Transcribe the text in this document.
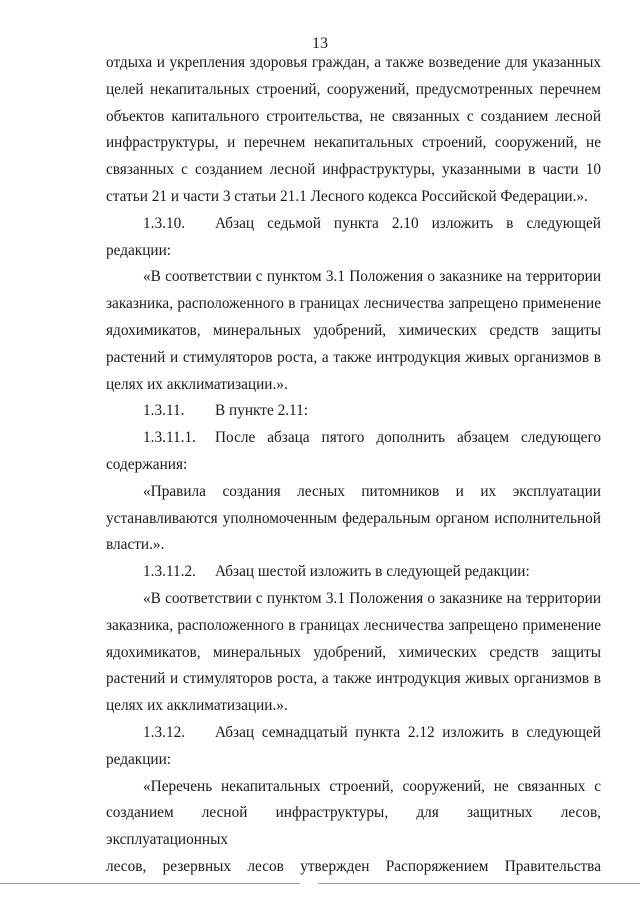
13
отдыха и укрепления здоровья граждан, а также возведение для указанных
целей некапитальных строений, сооружений, предусмотренных перечнем
объектов капитального строительства, не связанных с созданием лесной
инфраструктуры, и перечнем некапитальных строений, сооружений, не
связанных с созданием лесной инфраструктуры, указанными в части 10
статьи 21 и части 3 статьи 21.1 Лесного кодекса Российской Федерации.».
1.3.10. Абзац седьмой пункта 2.10 изложить в следующей
редакции:
«В соответствии с пунктом 3.1 Положения о заказнике на территории
заказника, расположенного в границах лесничества запрещено применение
ядохимикатов, минеральных удобрений, химических средств защиты
растений и стимуляторов роста, а также интродукция живых организмов в
целях их акклиматизации.».
1.3.11. В пункте 2.11:
1.3.11.1. После абзаца пятого дополнить абзацем следующего
содержания:
«Правила создания лесных питомников и их эксплуатации
устанавливаются уполномоченным федеральным органом исполнительной
власти.».
1.3.11.2. Абзац шестой изложить в следующей редакции:
«В соответствии с пунктом 3.1 Положения о заказнике на территории
заказника, расположенного в границах лесничества запрещено применение
ядохимикатов, минеральных удобрений, химических средств защиты
растений и стимуляторов роста, а также интродукция живых организмов в
целях их акклиматизации.».
1.3.12. Абзац семнадцатый пункта 2.12 изложить в следующей
редакции:
«Перечень некапитальных строений, сооружений, не связанных с
созданием лесной инфраструктуры, для защитных лесов, эксплуатационных
лесов, резервных лесов утвержден Распоряжением Правительства
